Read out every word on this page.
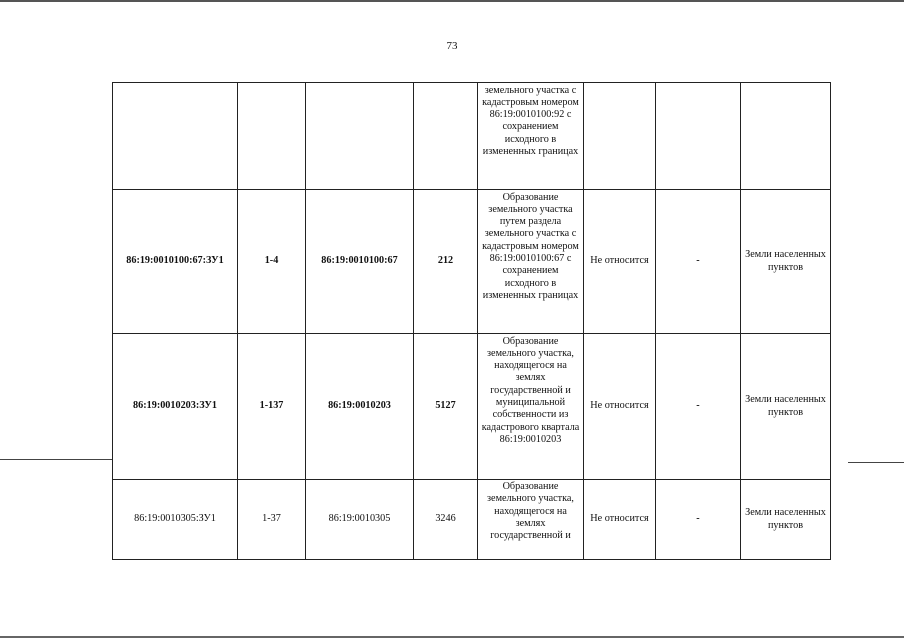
73

				земельного участка с кадастровым номером 86:19:0010100:92 с сохранением исходного в измененных границах			

86:19:0010100:67:ЗУ1	1-4	86:19:0010100:67	212	Образование земельного участка путем раздела земельного участка с кадастровым номером 86:19:0010100:67 с сохранением исходного в измененных границах	Не относится	-	Земли населенных пунктов
86:19:0010203:ЗУ1	1-137	86:19:0010203	5127	Образование земельного участка, находящегося на землях государственной и муниципальной собственности из кадастрового квартала 86:19:0010203	Не относится	-	Земли населенных пунктов
86:19:0010305:ЗУ1	1-37	86:19:0010305	3246	Образование земельного участка, находящегося на землях государственной и	Не относится	-	Земли населенных пунктов
